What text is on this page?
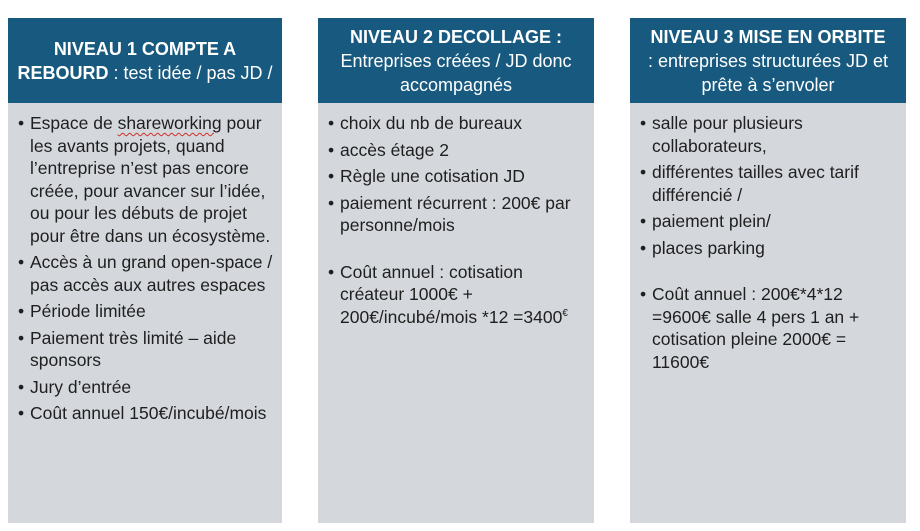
NIVEAU 1 COMPTE A REBOURD : test idée / pas JD /
• Espace de shareworking pour les avants projets, quand l’entreprise n’est pas encore créée, pour avancer sur l’idée, ou pour les débuts de projet pour être dans un écosystème.
• Accès à un grand open-space / pas accès aux autres espaces
• Période limitée
• Paiement très limité – aide sponsors
• Jury d’entrée
• Coût annuel 150€/incubé/mois
NIVEAU 2 DECOLLAGE :
Entreprises créées / JD donc accompagnés
• choix du nb de bureaux
• accès étage 2
• Règle une cotisation JD
• paiement récurrent : 200€ par personne/mois
• Coût annuel : cotisation créateur 1000€ + 200€/incubé/mois *12 =3400€
NIVEAU 3 MISE EN ORBITE
: entreprises structurées JD et prête à s’envoler
• salle pour plusieurs collaborateurs,
• différentes tailles avec tarif différencié /
• paiement plein/
• places parking
• Coût annuel : 200€*4*12 =9600€ salle 4 pers 1 an + cotisation pleine 2000€ = 11600€
